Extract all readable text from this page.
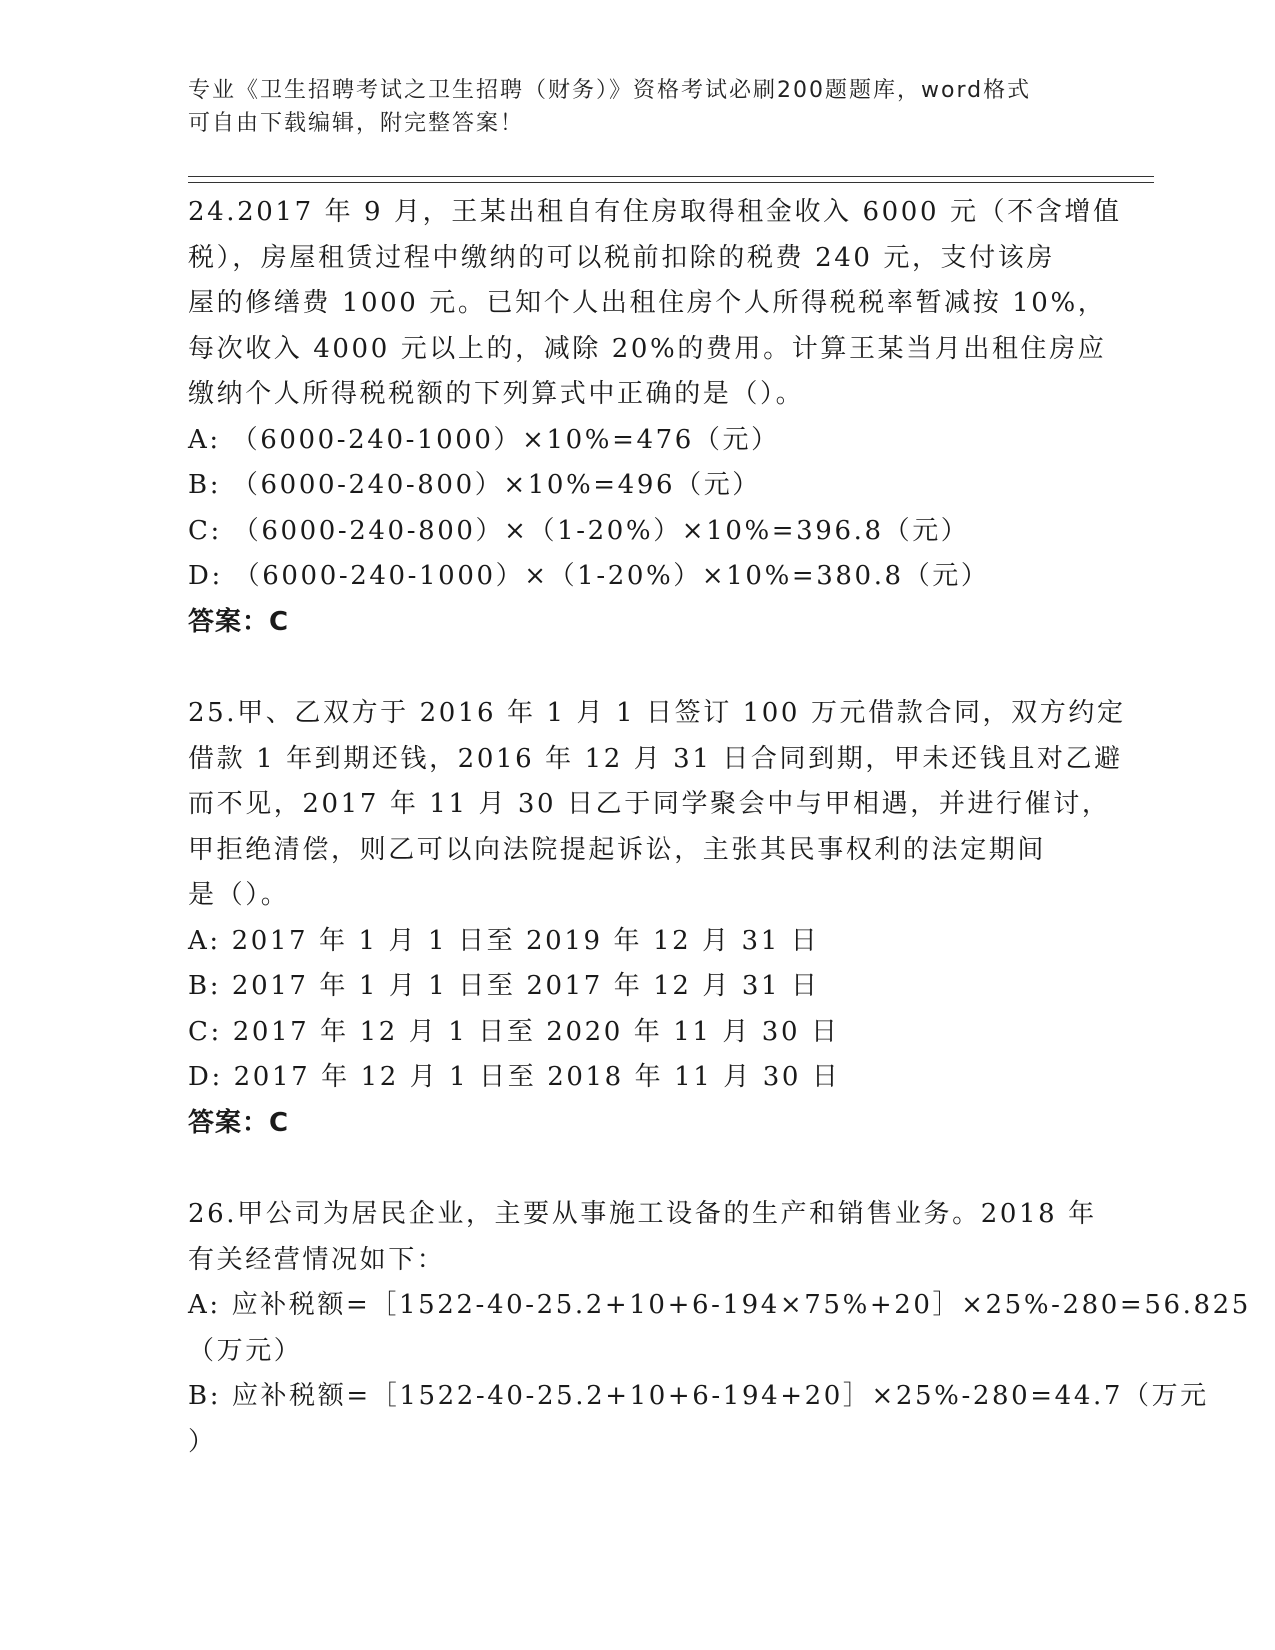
专业《卫生招聘考试之卫生招聘（财务）》资格考试必刷200题题库，word格式
可自由下载编辑，附完整答案！
24.2017 年 9 月，王某出租自有住房取得租金收入 6000 元（不含增值
税），房屋租赁过程中缴纳的可以税前扣除的税费 240 元，支付该房
屋的修缮费 1000 元。已知个人出租住房个人所得税税率暂减按 10%，
每次收入 4000 元以上的，减除 20%的费用。计算王某当月出租住房应
缴纳个人所得税税额的下列算式中正确的是（）。
A: （6000-240-1000）×10%=476（元）
B: （6000-240-800）×10%=496（元）
C: （6000-240-800）×（1-20%）×10%=396.8（元）
D: （6000-240-1000）×（1-20%）×10%=380.8（元）
答案：C
25.甲、乙双方于 2016 年 1 月 1 日签订 100 万元借款合同，双方约定
借款 1 年到期还钱，2016 年 12 月 31 日合同到期，甲未还钱且对乙避
而不见，2017 年 11 月 30 日乙于同学聚会中与甲相遇，并进行催讨，
甲拒绝清偿，则乙可以向法院提起诉讼，主张其民事权利的法定期间
是（）。
A: 2017 年 1 月 1 日至 2019 年 12 月 31 日
B: 2017 年 1 月 1 日至 2017 年 12 月 31 日
C: 2017 年 12 月 1 日至 2020 年 11 月 30 日
D: 2017 年 12 月 1 日至 2018 年 11 月 30 日
答案：C
26.甲公司为居民企业，主要从事施工设备的生产和销售业务。2018 年
有关经营情况如下：
A: 应补税额=［1522-40-25.2+10+6-194×75%+20］×25%-280=56.825
（万元）
B: 应补税额=［1522-40-25.2+10+6-194+20］×25%-280=44.7（万元
）
